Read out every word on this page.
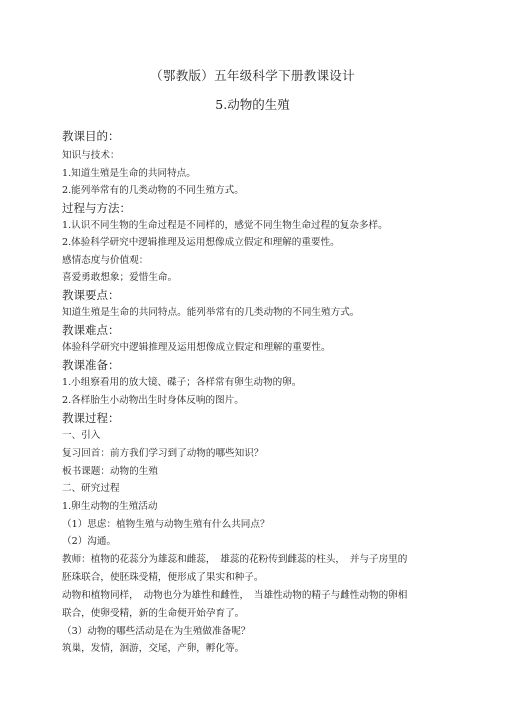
（鄂教版）五年级科学下册教课设计
5.动物的生殖
教课目的：
知识与技术：
1.知道生殖是生命的共同特点。
2.能列举常有的几类动物的不同生殖方式。
过程与方法：
1.认识不同生物的生命过程是不同样的，感觉不同生物生命过程的复杂多样。
2.体验科学研究中逻辑推理及运用想像成立假定和理解的重要性。
感情态度与价值观：
喜爱勇敢想象；爱惜生命。
教课要点：
知道生殖是生命的共同特点。能列举常有的几类动物的不同生殖方式。
教课难点：
体验科学研究中逻辑推理及运用想像成立假定和理解的重要性。
教课准备：
1.小组察看用的放大镜、碟子；各样常有卵生动物的卵。
2.各样胎生小动物出生时身体反响的图片。
教课过程：
一、引入
复习回首：前方我们学习到了动物的哪些知识？
板书课题：动物的生殖
二、研究过程
1.卵生动物的生殖活动
（1）思虑：植物生殖与动物生殖有什么共同点？
（2）沟通。
教师：植物的花蕊分为雄蕊和雌蕊，　雄蕊的花粉传到雌蕊的柱头，　并与子房里的
胚珠联合，使胚珠受精，便形成了果实和种子。
动物和植物同样，　动物也分为雄性和雌性，　当雄性动物的精子与雌性动物的卵相
联合，使卵受精，新的生命便开始孕育了。
（3）动物的哪些活动是在为生殖做准备呢？
筑巢，发情，洄游，交尾，产卵，孵化等。
